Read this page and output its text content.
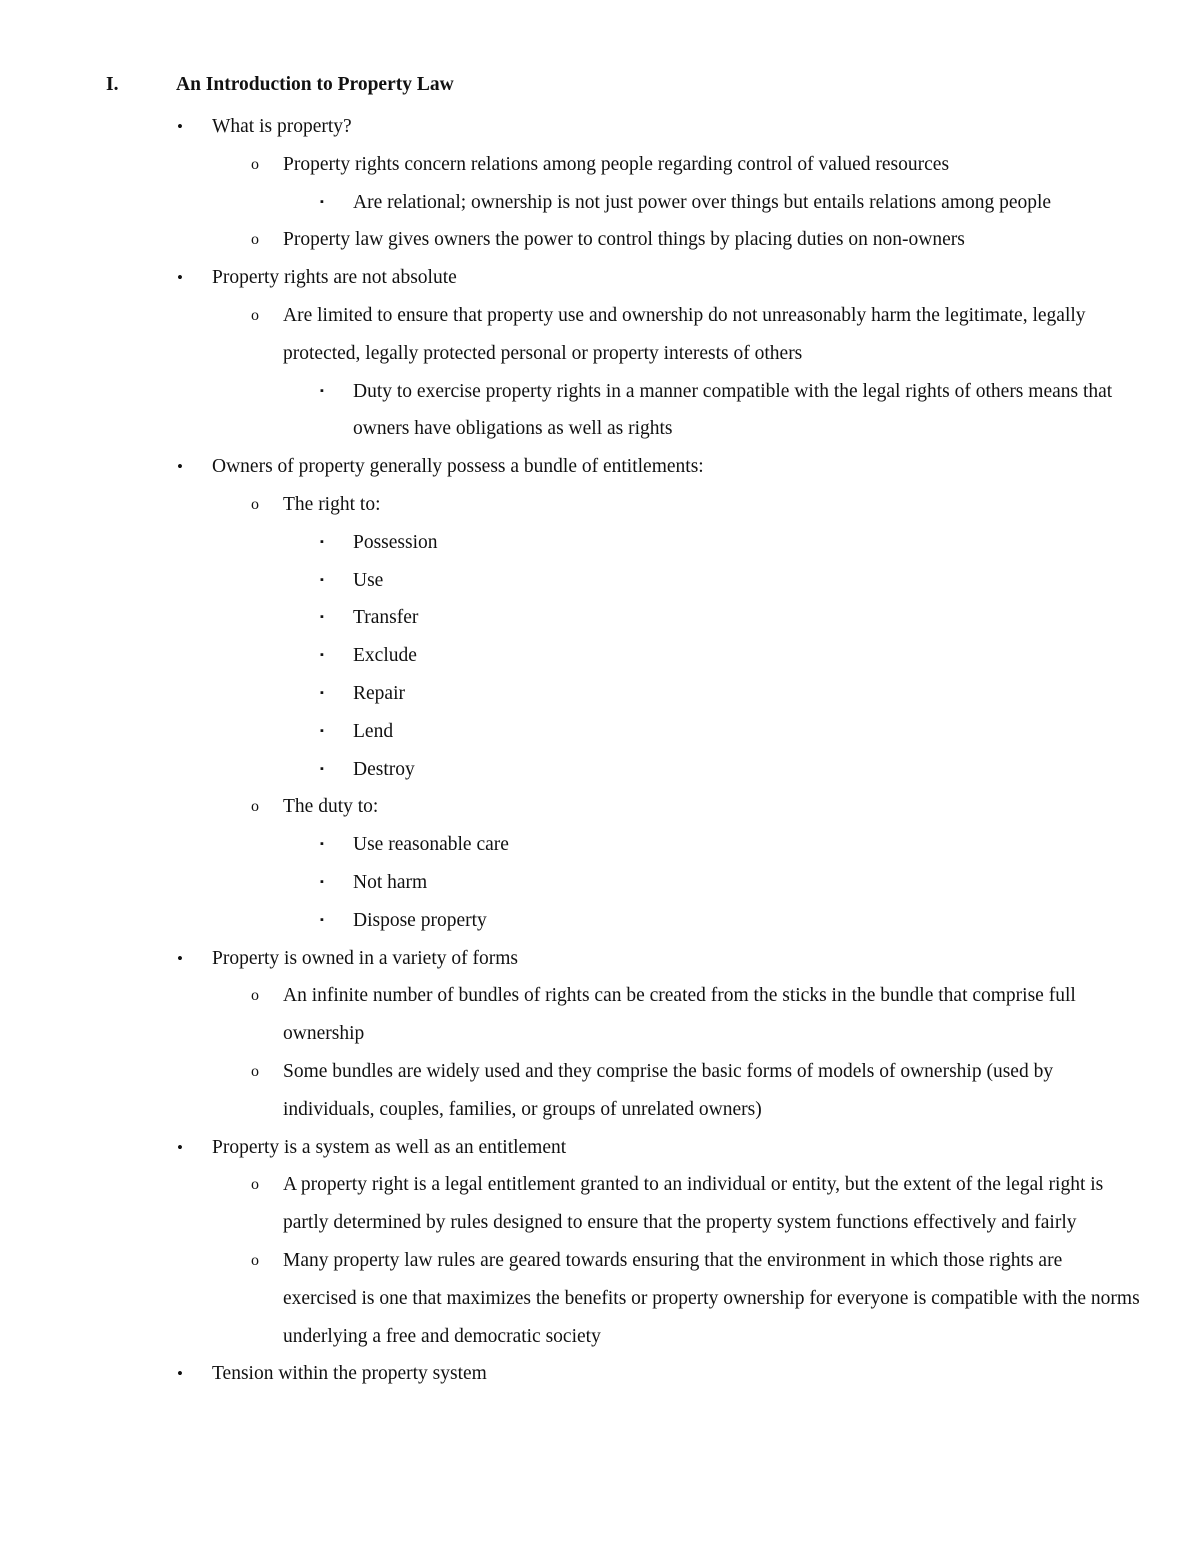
I.	An Introduction to Property Law
• What is property?
o Property rights concern relations among people regarding control of valued resources
▪	Are relational; ownership is not just power over things but entails relations among people
o Property law gives owners the power to control things by placing duties on non-owners
• Property rights are not absolute
o Are limited to ensure that property use and ownership do not unreasonably harm the legitimate, legally protected, legally protected personal or property interests of others
▪	Duty to exercise property rights in a manner compatible with the legal rights of others means that owners have obligations as well as rights
• Owners of property generally possess a bundle of entitlements:
o The right to:
▪	Possession
▪	Use
▪	Transfer
▪	Exclude
▪	Repair
▪	Lend
▪	Destroy
o The duty to:
▪	Use reasonable care
▪	Not harm
▪	Dispose property
• Property is owned in a variety of forms
o An infinite number of bundles of rights can be created from the sticks in the bundle that comprise full ownership
o Some bundles are widely used and they comprise the basic forms of models of ownership (used by individuals, couples, families, or groups of unrelated owners)
• Property is a system as well as an entitlement
o A property right is a legal entitlement granted to an individual or entity, but the extent of the legal right is partly determined by rules designed to ensure that the property system functions effectively and fairly
o Many property law rules are geared towards ensuring that the environment in which those rights are exercised is one that maximizes the benefits or property ownership for everyone is compatible with the norms underlying a free and democratic society
• Tension within the property system
